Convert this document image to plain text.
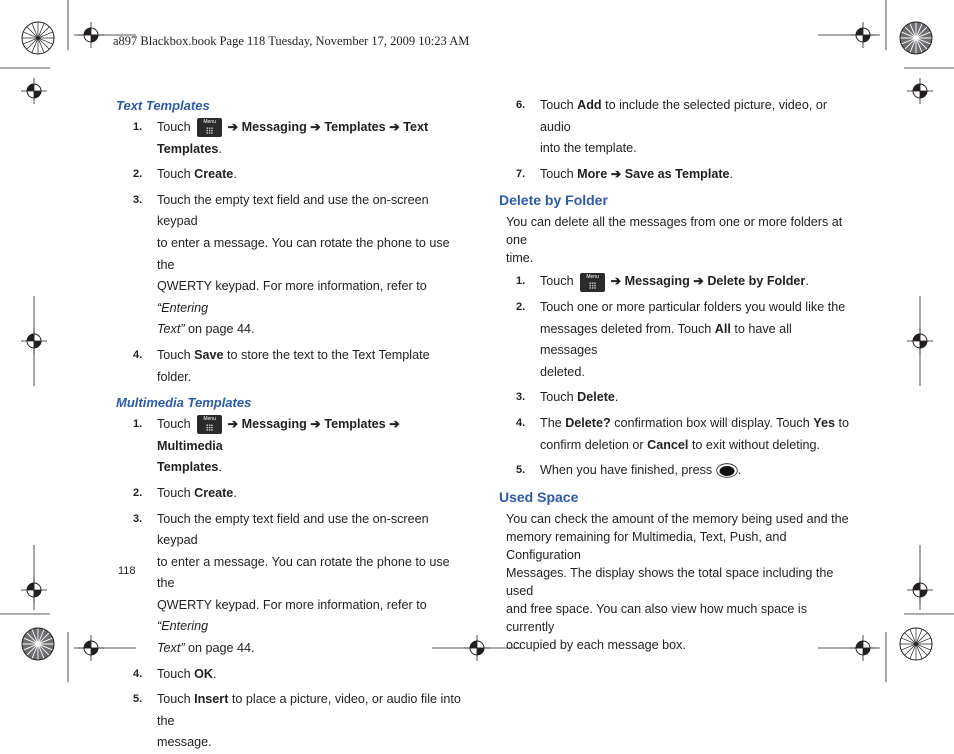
a897 Blackbox.book Page 118 Tuesday, November 17, 2009 10:23 AM
Text Templates
1. Touch	Menu ➔ Messaging ➔ Templates ➔ Text Templates.
2. Touch Create.
3. Touch the empty text field and use the on-screen keypad
to enter a message. You can rotate the phone to use the
QWERTY keypad. For more information, refer to “Entering
Text” on page 44.
4. Touch Save to store the text to the Text Template folder.
Multimedia Templates
1. Touch	Menu ➔ Messaging ➔ Templates ➔ Multimedia
Templates.
2. Touch Create.
3. Touch the empty text field and use the on-screen keypad
to enter a message. You can rotate the phone to use the
QWERTY keypad. For more information, refer to “Entering
Text” on page 44.
4. Touch OK.
5. Touch Insert to place a picture, video, or audio file into the
message.
6. Touch Add to include the selected picture, video, or audio
into the template.
7. Touch More ➔ Save as Template.
Delete by Folder
You can delete all the messages from one or more folders at one
time.
1. Touch	Menu ➔ Messaging ➔ Delete by Folder.
2. Touch one or more particular folders you would like the
messages deleted from. Touch All to have all messages
deleted.
3. Touch Delete.
4. The Delete? confirmation box will display. Touch Yes to
confirm deletion or Cancel to exit without deleting.
5. When you have finished, press .
Used Space
You can check the amount of the memory being used and the
memory remaining for Multimedia, Text, Push, and Configuration
Messages. The display shows the total space including the used
and free space. You can also view how much space is currently
occupied by each message box.
118
